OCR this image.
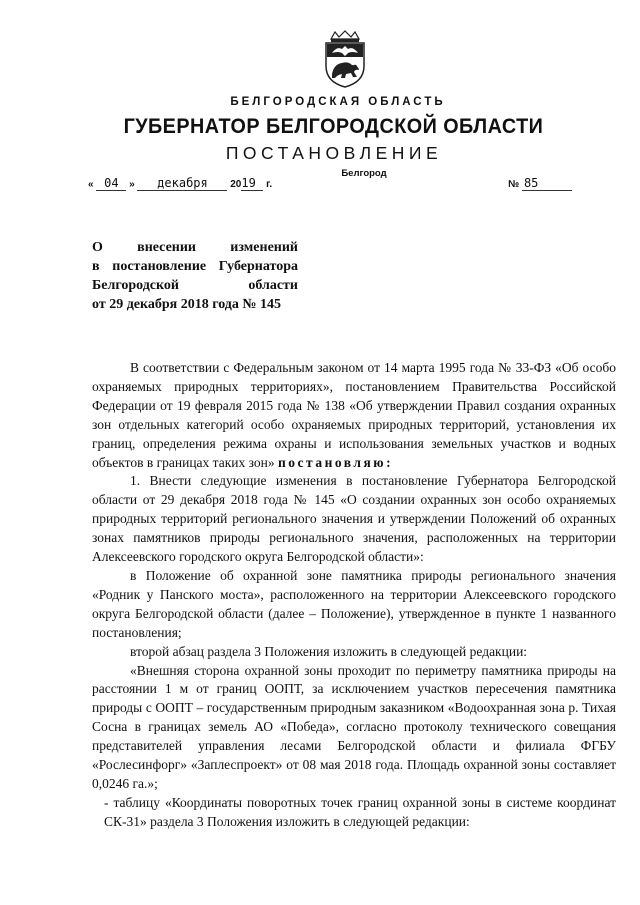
БЕЛГОРОДСКАЯ ОБЛАСТЬ
ГУБЕРНАТОР БЕЛГОРОДСКОЙ ОБЛАСТИ
ПОСТАНОВЛЕНИЕ
Белгород
« 04 » декабря 2019 г.	№ 85
О внесении изменений
в постановление Губернатора
Белгородской области
от 29 декабря 2018 года № 145

В соответствии с Федеральным законом от 14 марта 1995 года № 33-ФЗ «Об особо охраняемых природных территориях», постановлением Правительства Российской Федерации от 19 февраля 2015 года № 138 «Об утверждении Правил создания охранных зон отдельных категорий особо охраняемых природных территорий, установления их границ, определения режима охраны и использования земельных участков и водных объектов в границах таких зон» постановляю:

1. Внести следующие изменения в постановление Губернатора Белгородской области от 29 декабря 2018 года № 145 «О создании охранных зон особо охраняемых природных территорий регионального значения и утверждении Положений об охранных зонах памятников природы регионального значения, расположенных на территории Алексеевского городского округа Белгородской области»:

в Положение об охранной зоне памятника природы регионального значения «Родник у Панского моста», расположенного на территории Алексеевского городского округа Белгородской области (далее – Положение), утвержденное в пункте 1 названного постановления;

второй абзац раздела 3 Положения изложить в следующей редакции:

«Внешняя сторона охранной зоны проходит по периметру памятника природы на расстоянии 1 м от границ ООПТ, за исключением участков пересечения памятника природы с ООПТ – государственным природным заказником «Водоохранная зона р. Тихая Сосна в границах земель АО «Победа», согласно протоколу технического совещания представителей управления лесами Белгородской области и филиала ФГБУ «Рослесинфорг» «Заплеспроект» от 08 мая 2018 года. Площадь охранной зоны составляет 0,0246 га.»;

- таблицу «Координаты поворотных точек границ охранной зоны в системе координат СК-31» раздела 3 Положения изложить в следующей редакции:
